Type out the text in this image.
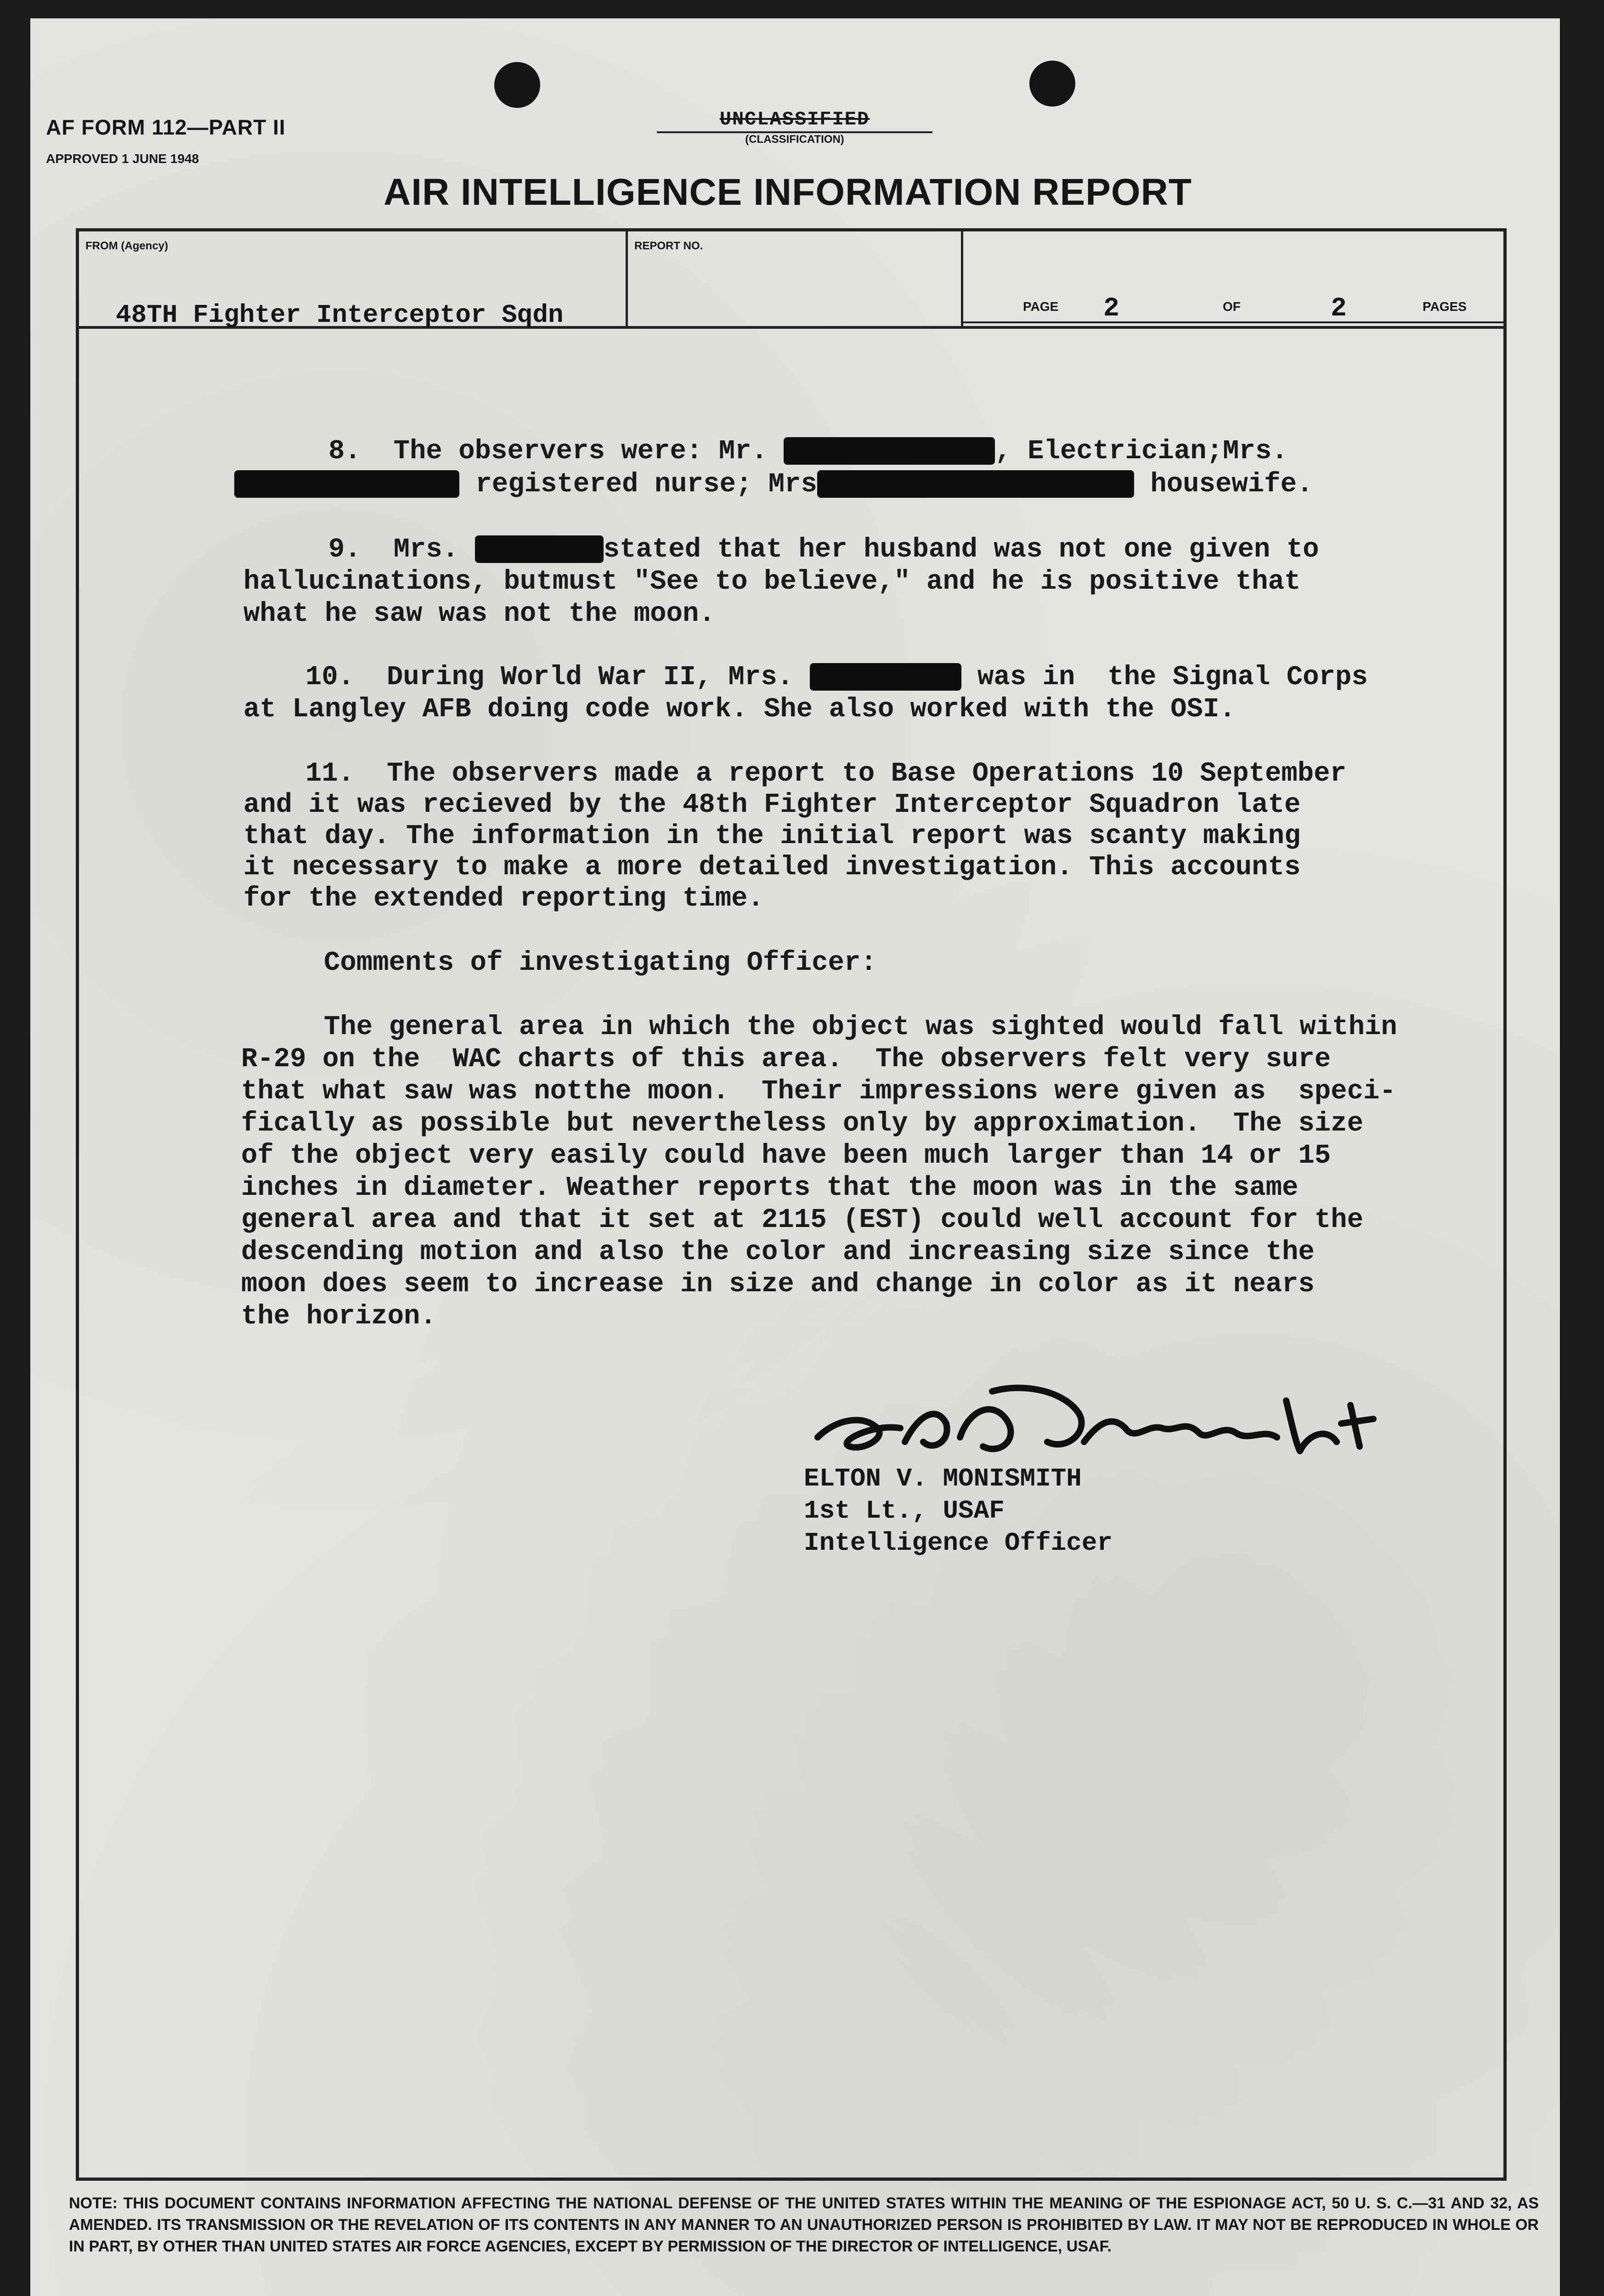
AF FORM 112—PART II
APPROVED 1 JUNE 1948
UNCLASSIFIED
(CLASSIFICATION)
AIR INTELLIGENCE INFORMATION REPORT
FROM (Agency)
48TH Fighter Interceptor Sqdn
REPORT NO.
PAGE 2	OF	2	PAGES
8.  The observers were: Mr.	, Electrician;Mrs.
registered nurse; Mrs	housewife.
9.  Mrs.	stated that her husband was not one given to
hallucinations, butmust "See to believe," and he is positive that
what he saw was not the moon.
10.  During World War II, Mrs.	was in  the Signal Corps
at Langley AFB doing code work. She also worked with the OSI.
11.  The observers made a report to Base Operations 10 September
and it was recieved by the 48th Fighter Interceptor Squadron late
that day. The information in the initial report was scanty making
it necessary to make a more detailed investigation. This accounts
for the extended reporting time.
Comments of investigating Officer:
The general area in which the object was sighted would fall within
R-29 on the  WAC charts of this area.  The observers felt very sure
that what saw was notthe moon.  Their impressions were given as  speci-
fically as possible but nevertheless only by approximation.  The size
of the object very easily could have been much larger than 14 or 15
inches in diameter. Weather reports that the moon was in the same
general area and that it set at 2115 (EST) could well account for the
descending motion and also the color and increasing size since the
moon does seem to increase in size and change in color as it nears
the horizon.
ELTON V. MONISMITH
1st Lt., USAF
Intelligence Officer
NOTE: THIS DOCUMENT CONTAINS INFORMATION AFFECTING THE NATIONAL DEFENSE OF THE UNITED STATES WITHIN THE MEANING OF THE ESPIONAGE ACT, 50 U. S. C.—31 AND 32, AS AMENDED. ITS TRANSMISSION OR THE REVELATION OF ITS CONTENTS IN ANY MANNER TO AN UNAUTHORIZED PERSON IS PROHIBITED BY LAW. IT MAY NOT BE REPRODUCED IN WHOLE OR IN PART, BY OTHER THAN UNITED STATES AIR FORCE AGENCIES, EXCEPT BY PERMISSION OF THE DIRECTOR OF INTELLIGENCE, USAF.
